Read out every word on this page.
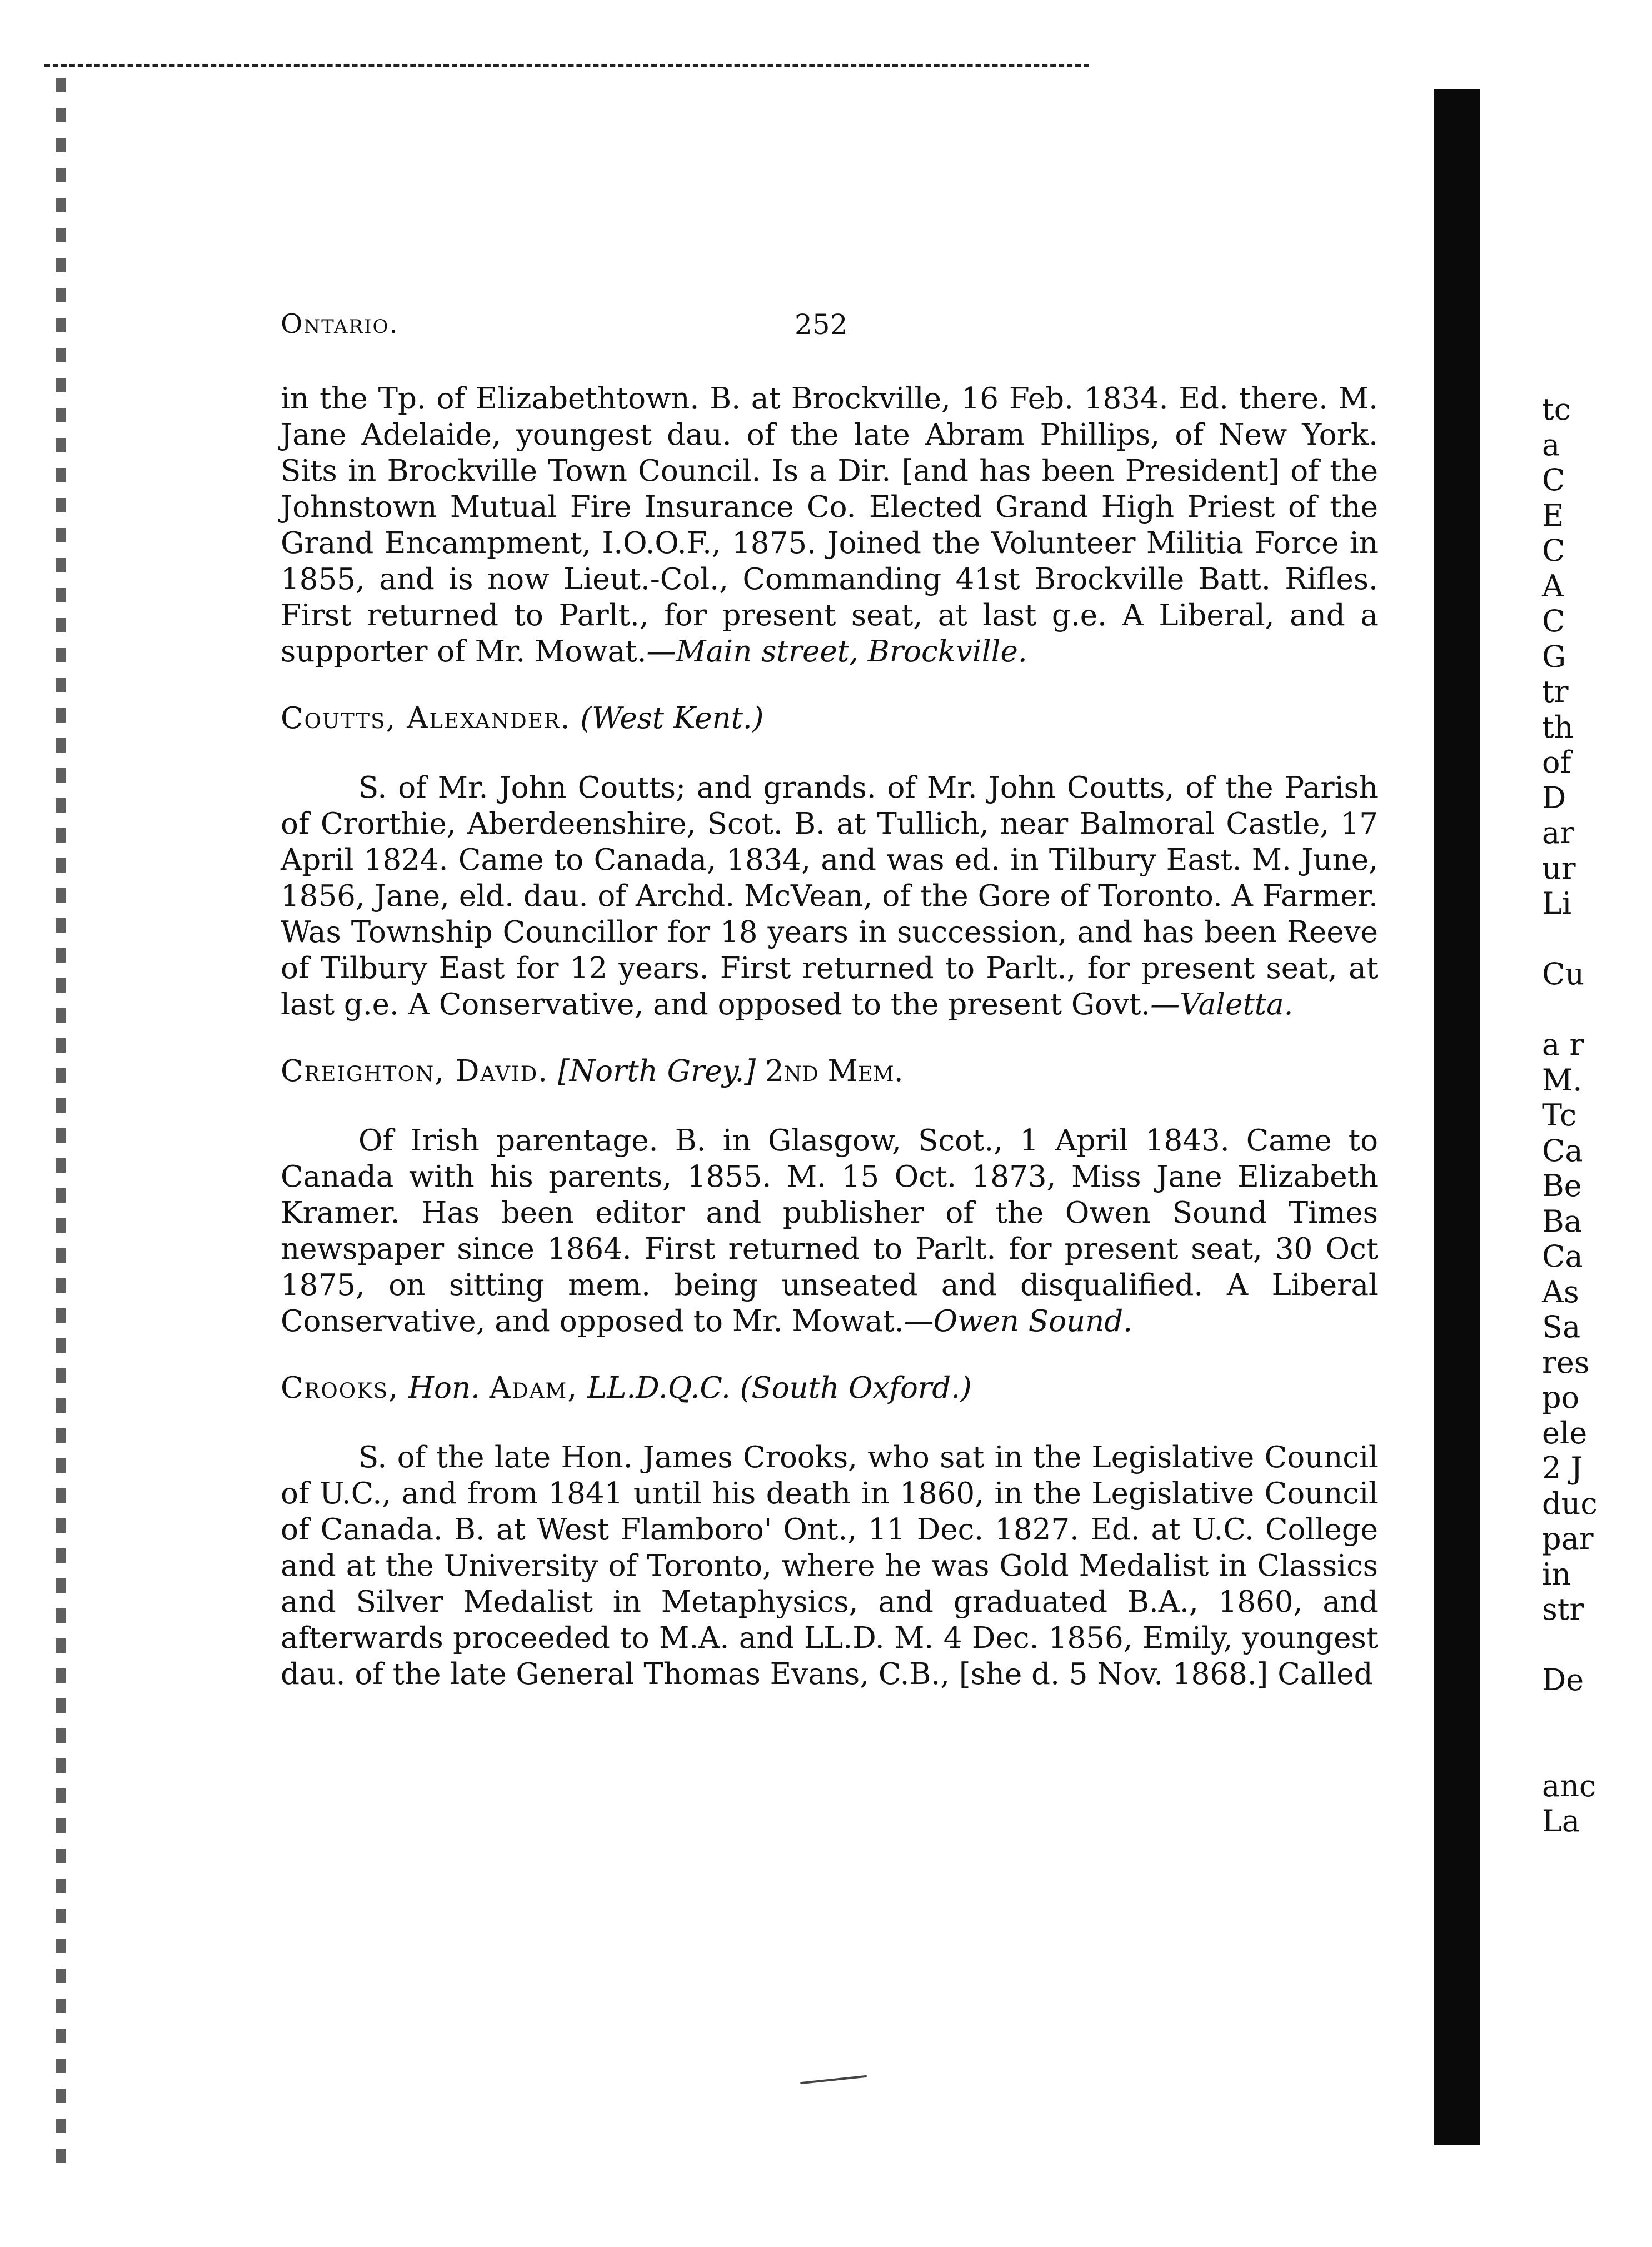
Ontario.	252

in the Tp. of Elizabethtown. B. at Brockville, 16 Feb. 1834. Ed. there. M. Jane Adelaide, youngest dau. of the late Abram Phillips, of New York. Sits in Brockville Town Council. Is a Dir. [and has been President] of the Johnstown Mutual Fire Insurance Co. Elected Grand High Priest of the Grand Encampment, I.O.O.F., 1875. Joined the Volunteer Militia Force in 1855, and is now Lieut.-Col., Commanding 41st Brockville Batt. Rifles. First returned to Parlt., for present seat, at last g.e. A Liberal, and a supporter of Mr. Mowat.—Main street, Brockville.

Coutts, Alexander. (West Kent.)

S. of Mr. John Coutts; and grands. of Mr. John Coutts, of the Parish of Crorthie, Aberdeenshire, Scot. B. at Tullich, near Balmoral Castle, 17 April 1824. Came to Canada, 1834, and was ed. in Tilbury East. M. June, 1856, Jane, eld. dau. of Archd. McVean, of the Gore of Toronto. A Farmer. Was Township Councillor for 18 years in succession, and has been Reeve of Tilbury East for 12 years. First returned to Parlt., for present seat, at last g.e. A Conservative, and opposed to the present Govt.—Valetta.

Creighton, David. [North Grey.] 2nd Mem.

Of Irish parentage. B. in Glasgow, Scot., 1 April 1843. Came to Canada with his parents, 1855. M. 15 Oct. 1873, Miss Jane Elizabeth Kramer. Has been editor and publisher of the Owen Sound Times newspaper since 1864. First returned to Parlt. for present seat, 30 Oct 1875, on sitting mem. being unseated and disqualified. A Liberal Conservative, and opposed to Mr. Mowat.—Owen Sound.

Crooks, Hon. Adam, LL.D.Q.C. (South Oxford.)

S. of the late Hon. James Crooks, who sat in the Legislative Council of U.C., and from 1841 until his death in 1860, in the Legislative Council of Canada. B. at West Flamboro' Ont., 11 Dec. 1827. Ed. at U.C. College and at the University of Toronto, where he was Gold Medalist in Classics and Silver Medalist in Metaphysics, and graduated B.A., 1860, and afterwards proceeded to M.A. and LL.D. M. 4 Dec. 1856, Emily, youngest dau. of the late General Thomas Evans, C.B., [she d. 5 Nov. 1868.] Called

tc
a
C
E
C
A
C
G
tr
th
of
D
ar
ur
Li
Cu
a r
M.
Tc
Ca
Be
Ba
Ca
As
Sa
res
po
ele
2 J
duc
par
in
str
De
anc
La
